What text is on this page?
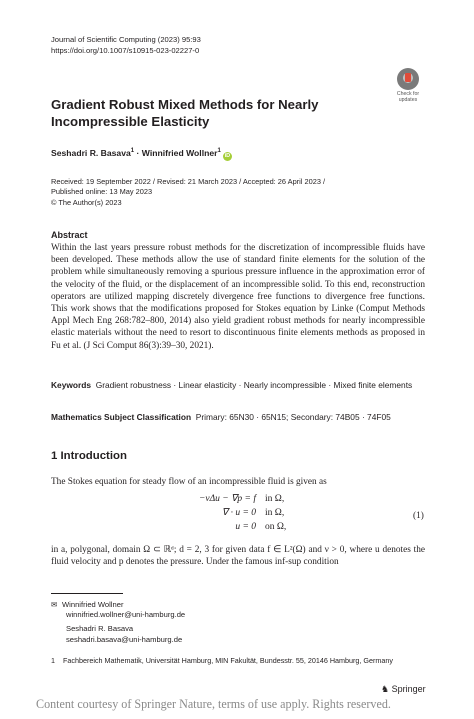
Journal of Scientific Computing (2023) 95:93
https://doi.org/10.1007/s10915-023-02227-0
Check for
updates
Gradient Robust Mixed Methods for Nearly Incompressible Elasticity
Seshadri R. Basava$^1$ · Winnifried Wollner$^1$iD
Received: 19 September 2022 / Revised: 21 March 2023 / Accepted: 26 April 2023 /
Published online: 13 May 2023
© The Author(s) 2023
Abstract
Within the last years pressure robust methods for the discretization of incompressible fluids have been developed. These methods allow the use of standard finite elements for the solution of the problem while simultaneously removing a spurious pressure influence in the approximation error of the velocity of the fluid, or the displacement of an incompressible solid. To this end, reconstruction operators are utilized mapping discretely divergence free functions to divergence free functions. This work shows that the modifications proposed for Stokes equation by Linke (Comput Methods Appl Mech Eng 268:782–800, 2014) also yield gradient robust methods for nearly incompressible elastic materials without the need to resort to discontinuous finite elements methods as proposed in Fu et al. (J Sci Comput 86(3):39–30, 2021).
Keywords Gradient robustness · Linear elasticity · Nearly incompressible · Mixed finite elements
Mathematics Subject Classification Primary: 65N30 · 65N15; Secondary: 74B05 · 74F05
1 Introduction
The Stokes equation for steady flow of an incompressible fluid is given as
−νΔu − ∇p = f in Ω,
∇ · u = 0 in Ω,
u = 0 on Ω,
(1)
in a, polygonal, domain Ω ⊂ ℝᵈ; d = 2, 3 for given data f ∈ L²(Ω) and ν > 0, where u denotes the fluid velocity and p denotes the pressure. Under the famous inf-sup condition
✉ Winnifried Wollner
winnifried.wollner@uni-hamburg.de
Seshadri R. Basava
seshadri.basava@uni-hamburg.de
1 Fachbereich Mathematik, Universität Hamburg, MIN Fakultät, Bundesstr. 55, 20146 Hamburg, Germany
♞ Springer
Content courtesy of Springer Nature, terms of use apply. Rights reserved.
